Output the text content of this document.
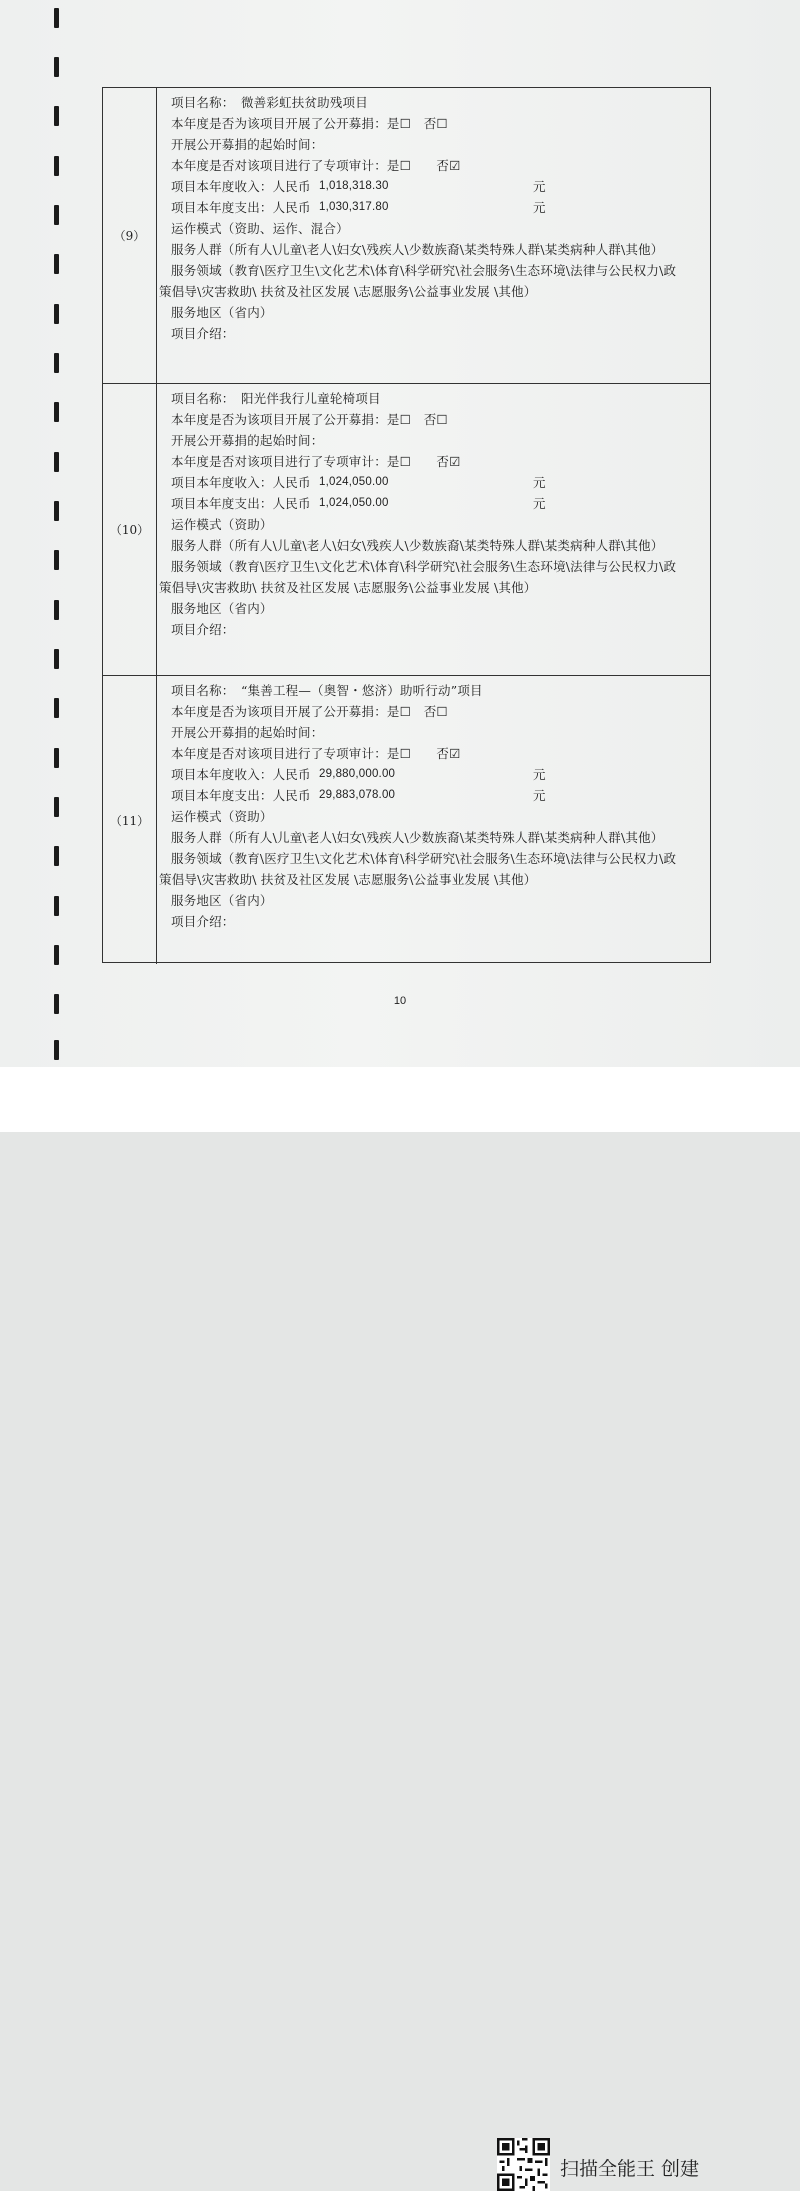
（9）
项目名称：　微善彩虹扶贫助残项目
本年度是否为该项目开展了公开募捐：是☐　否☐
开展公开募捐的起始时间：
本年度是否对该项目进行了专项审计：是☐　　否☑
项目本年度收入：人民币 1,018,318.30	元
项目本年度支出：人民币 1,030,317.80	元
运作模式（资助、运作、混合）
服务人群（所有人\儿童\老人\妇女\残疾人\少数族裔\某类特殊人群\某类病种人群\其他）
服务领域（教育\医疗卫生\文化艺术\体育\科学研究\社会服务\生态环境\法律与公民权力\政
策倡导\灾害救助\ 扶贫及社区发展 \志愿服务\公益事业发展 \其他）
服务地区（省内）
项目介绍：
（10）
项目名称：　阳光伴我行儿童轮椅项目
本年度是否为该项目开展了公开募捐：是☐　否☐
开展公开募捐的起始时间：
本年度是否对该项目进行了专项审计：是☐　　否☑
项目本年度收入：人民币 1,024,050.00	元
项目本年度支出：人民币 1,024,050.00	元
运作模式（资助）
服务人群（所有人\儿童\老人\妇女\残疾人\少数族裔\某类特殊人群\某类病种人群\其他）
服务领域（教育\医疗卫生\文化艺术\体育\科学研究\社会服务\生态环境\法律与公民权力\政
策倡导\灾害救助\ 扶贫及社区发展 \志愿服务\公益事业发展 \其他）
服务地区（省内）
项目介绍：
（11）
项目名称：　“集善工程—（奥智・悠济）助听行动”项目
本年度是否为该项目开展了公开募捐：是☐　否☐
开展公开募捐的起始时间：
本年度是否对该项目进行了专项审计：是☐　　否☑
项目本年度收入：人民币 29,880,000.00	元
项目本年度支出：人民币 29,883,078.00	元
运作模式（资助）
服务人群（所有人\儿童\老人\妇女\残疾人\少数族裔\某类特殊人群\某类病种人群\其他）
服务领域（教育\医疗卫生\文化艺术\体育\科学研究\社会服务\生态环境\法律与公民权力\政
策倡导\灾害救助\ 扶贫及社区发展 \志愿服务\公益事业发展 \其他）
服务地区（省内）
项目介绍：
10
扫描全能王 创建
